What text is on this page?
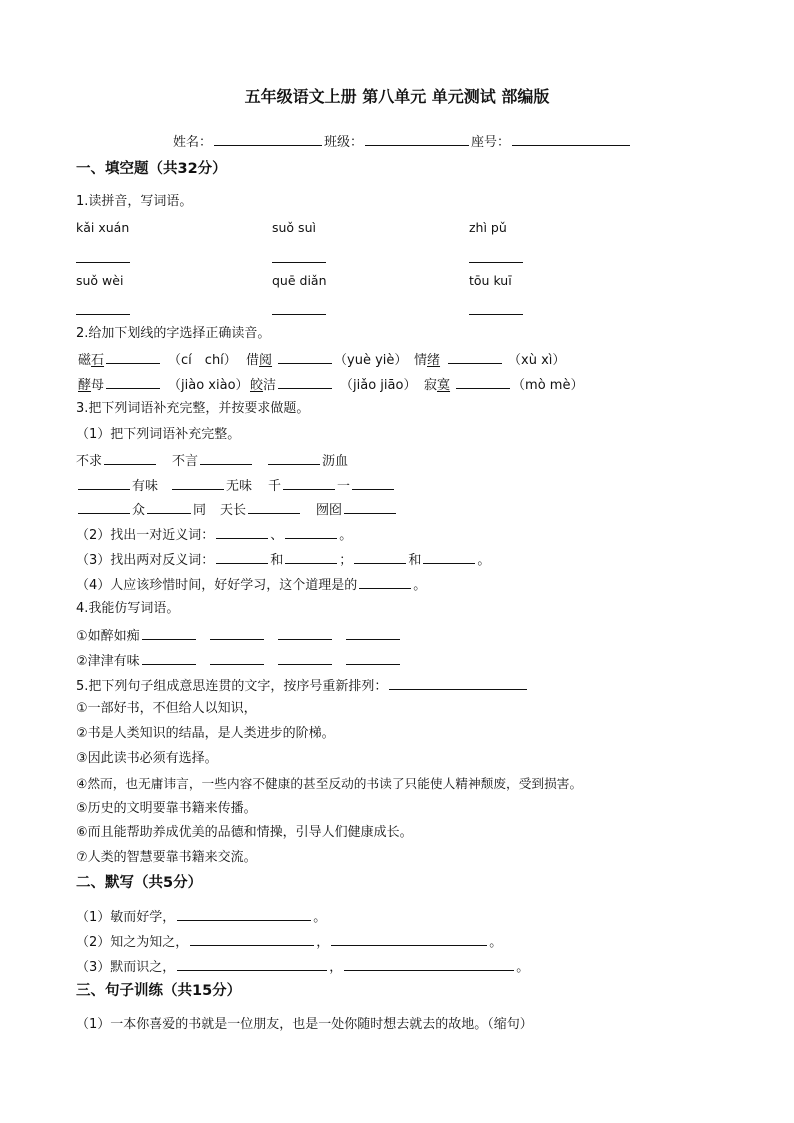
五年级语文上册 第八单元 单元测试 部编版
姓名：	班级：	座号：
一、填空题（共32分）
1.读拼音，写词语。
kǎi xuán	suǒ suì	zhì pǔ
suǒ wèi	quē diǎn	tōu kuī
2.给加下划线的字选择正确读音。
磁石	（cí　chí） 借阅	（yuè yiè） 情绪	（xù xì）
酵母	（jiào xiào） 皎洁	（jiǎo jiāo） 寂寞	（mò mè）
3.把下列词语补充完整，并按要求做题。
（1）把下列词语补充完整。
不求	不言	沥血
有味	无味 千	一
众	同 天长	囫囵
（2）找出一对近义词：	、	。
（3）找出两对反义词：	和	；	和	。
（4）人应该珍惜时间，好好学习，这个道理是的	。
4.我能仿写词语。
①如醉如痴
②津津有味
5.把下列句子组成意思连贯的文字，按序号重新排列：
①一部好书，不但给人以知识，
②书是人类知识的结晶，是人类进步的阶梯。
③因此读书必须有选择。
④然而，也无庸讳言，一些内容不健康的甚至反动的书读了只能使人精神颓废，受到损害。
⑤历史的文明要靠书籍来传播。
⑥而且能帮助养成优美的品德和情操，引导人们健康成长。
⑦人类的智慧要靠书籍来交流。
二、默写（共5分）
（1）敏而好学，	。
（2）知之为知之，	，	。
（3）默而识之，	，	。
三、句子训练（共15分）
（1）一本你喜爱的书就是一位朋友，也是一处你随时想去就去的故地。（缩句）
